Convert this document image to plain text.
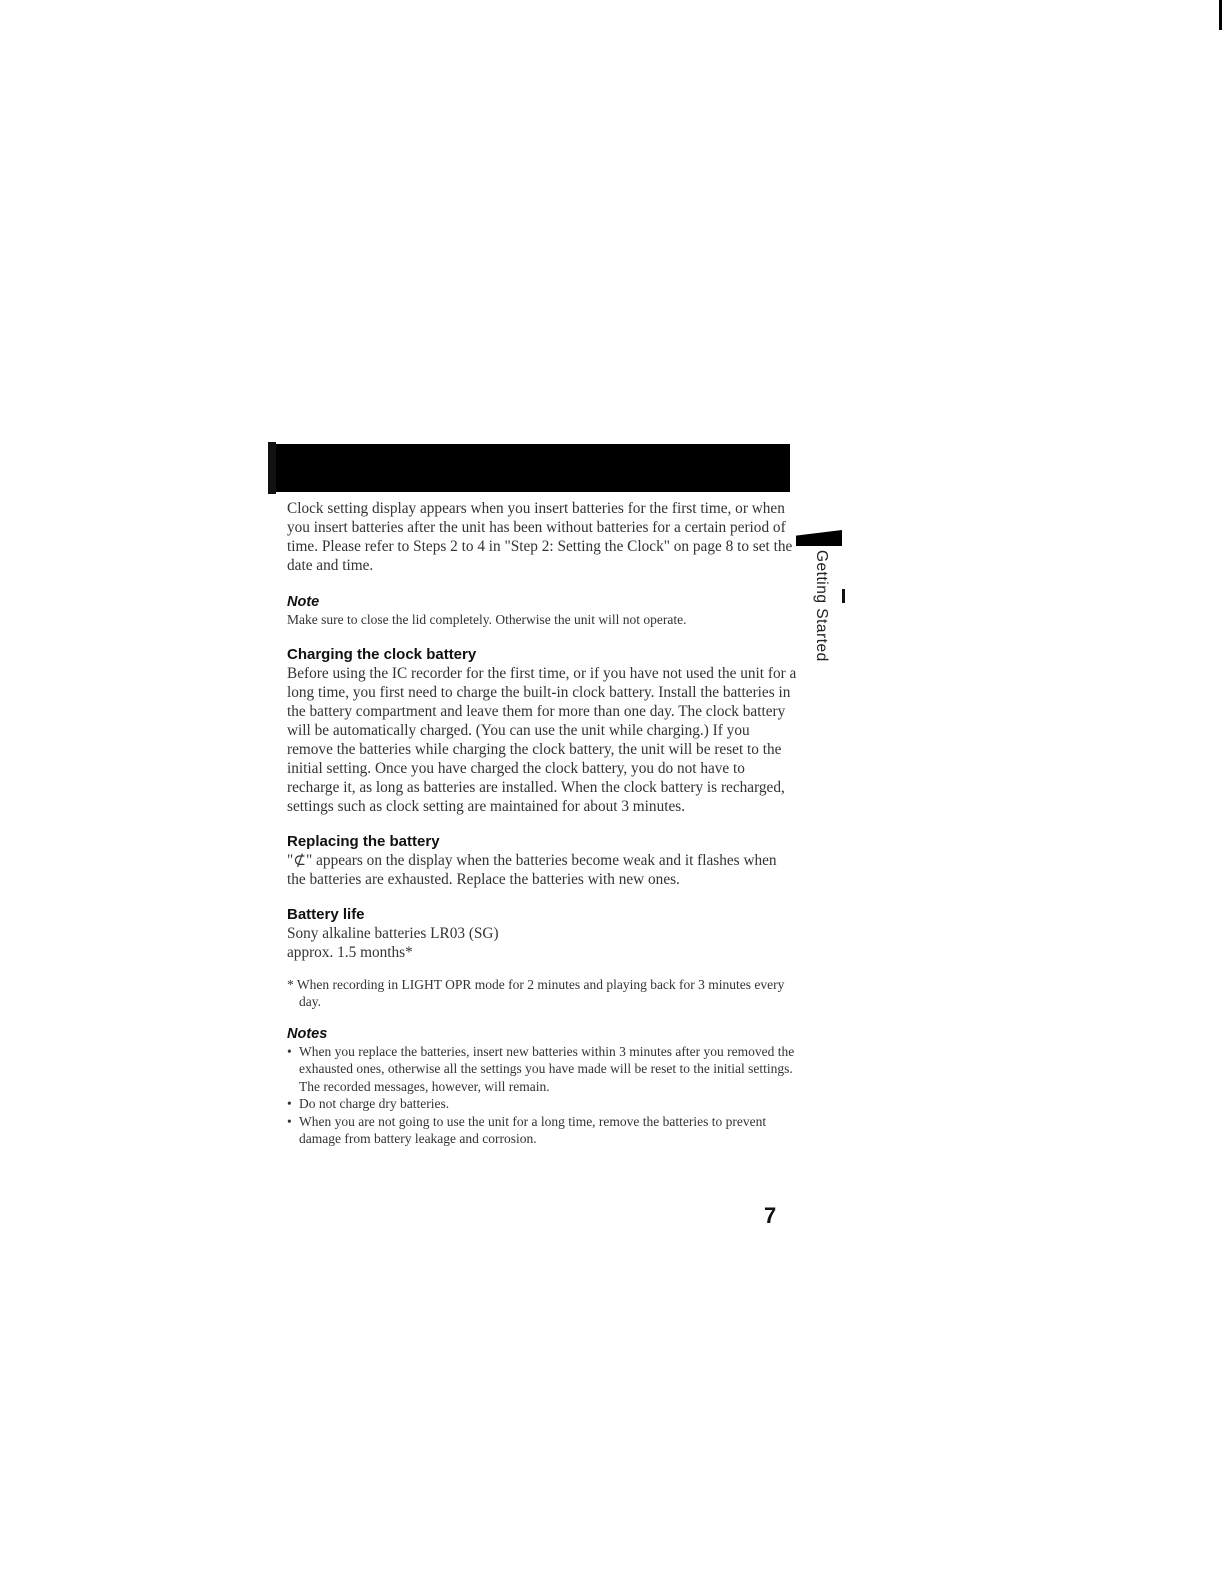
Clock setting display appears when you insert batteries for the first time, or when you insert batteries after the unit has been without batteries for a certain period of time. Please refer to Steps 2 to 4 in "Step 2: Setting the Clock" on page 8 to set the date and time.

Note

Make sure to close the lid completely. Otherwise the unit will not operate.

Charging the clock battery

Before using the IC recorder for the first time, or if you have not used the unit for a long time, you first need to charge the built-in clock battery. Install the batteries in the battery compartment and leave them for more than one day. The clock battery will be automatically charged. (You can use the unit while charging.) If you remove the batteries while charging the clock battery, the unit will be reset to the initial setting. Once you have charged the clock battery, you do not have to recharge it, as long as batteries are installed. When the clock battery is recharged, settings such as clock setting are maintained for about 3 minutes.

Replacing the battery

"⊄" appears on the display when the batteries become weak and it flashes when the batteries are exhausted. Replace the batteries with new ones.

Battery life

Sony alkaline batteries LR03 (SG)

approx. 1.5 months*

* When recording in LIGHT OPR mode for 2 minutes and playing back for 3 minutes every day.

Notes
• When you replace the batteries, insert new batteries within 3 minutes after you removed the exhausted ones, otherwise all the settings you have made will be reset to the initial settings.
The recorded messages, however, will remain.
• Do not charge dry batteries.
• When you are not going to use the unit for a long time, remove the batteries to prevent damage from battery leakage and corrosion.
Getting Started
7
